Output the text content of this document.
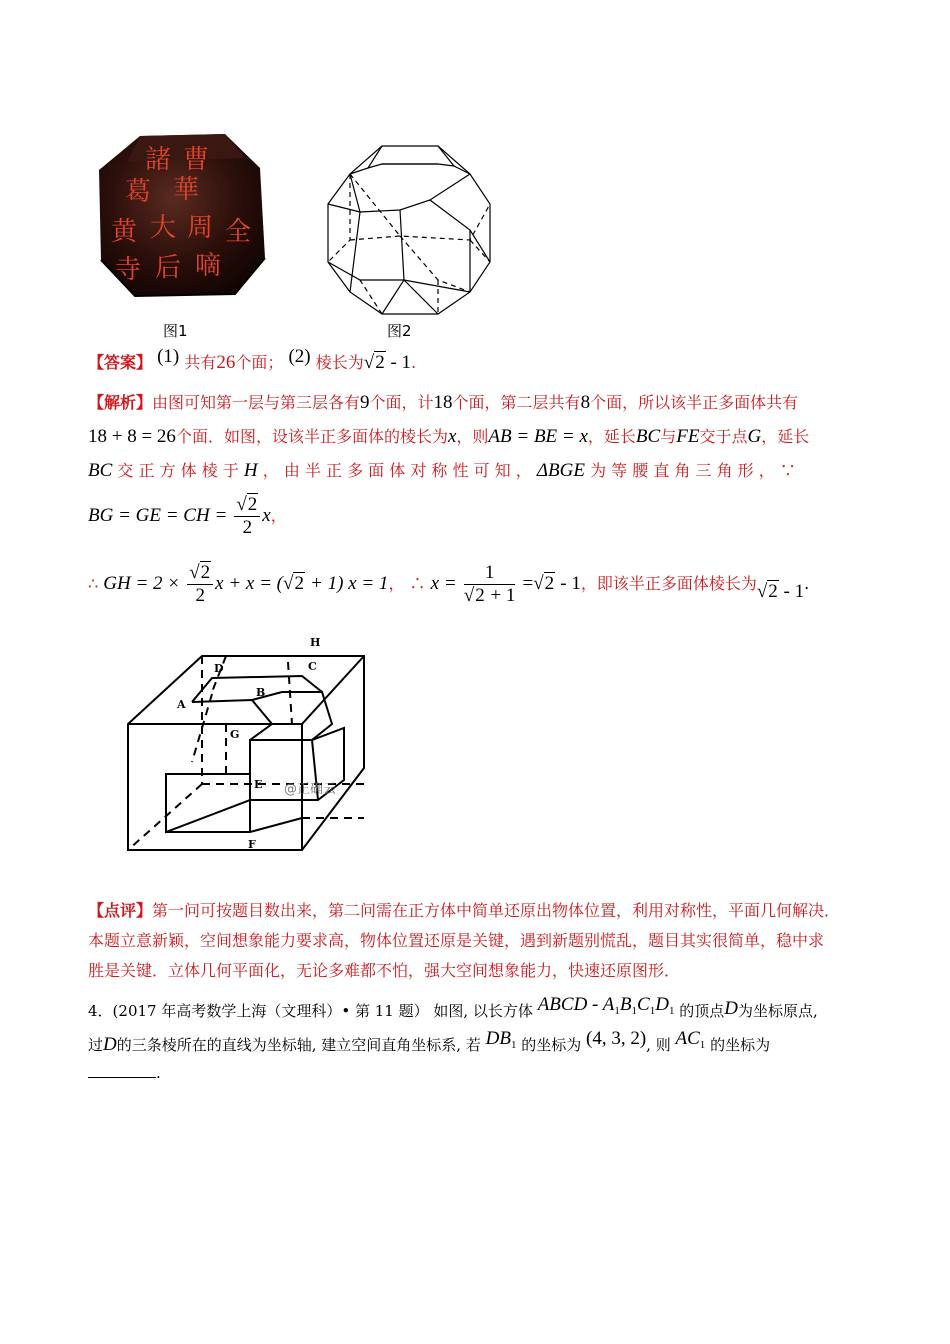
諸 曹
葛 華
黄 大 周 全
后 嘀
寺
图1	图2
【答案】 (1) 共有26个面； (2) 棱长为√2 - 1.
【解析】由图可知第一层与第三层各有9个面，计18个面，第二层共有8个面，所以该半正多面体共有
18 + 8 = 26个面．如图，设该半正多面体的棱长为x，则AB = BE = x，延长BC与FE交于点G，延长
BC 交 正 方 体 棱 于 H ， 由 半 正 多 面 体 对 称 性 可 知 ， ΔBGE 为 等 腰 直 角 三 角 形 ， ∵
BG = GE = CH = $\frac{√2}{2}$ x，
∴ GH = $2 \times \frac{√2}{2}$ x + x = (√2 + 1) x = 1， ∴ $x = \frac{1}{√2 + 1} =√2 - 1$，即该半正多面体棱长为√2 - 1.
D	C
H
A
B
G
E
F
@正确云
【点评】第一问可按题目数出来，第二问需在正方体中简单还原出物体位置，利用对称性，平面几何解决．
本题立意新颖，空间想象能力要求高，物体位置还原是关键，遇到新题别慌乱，题目其实很简单，稳中求
胜是关键．立体几何平面化，无论多难都不怕，强大空间想象能力，快速还原图形．
4．(2017 年高考数学上海（文理科）• 第 11 题） 如图, 以长方体 ABCD - $A_1B_1C_1D_1$ 的顶点D为坐标原点,
过D的三条棱所在的直线为坐标轴, 建立空间直角坐标系, 若 $DB_1$ 的坐标为 (4, 3, 2), 则 $AC_1$ 的坐标为
.
